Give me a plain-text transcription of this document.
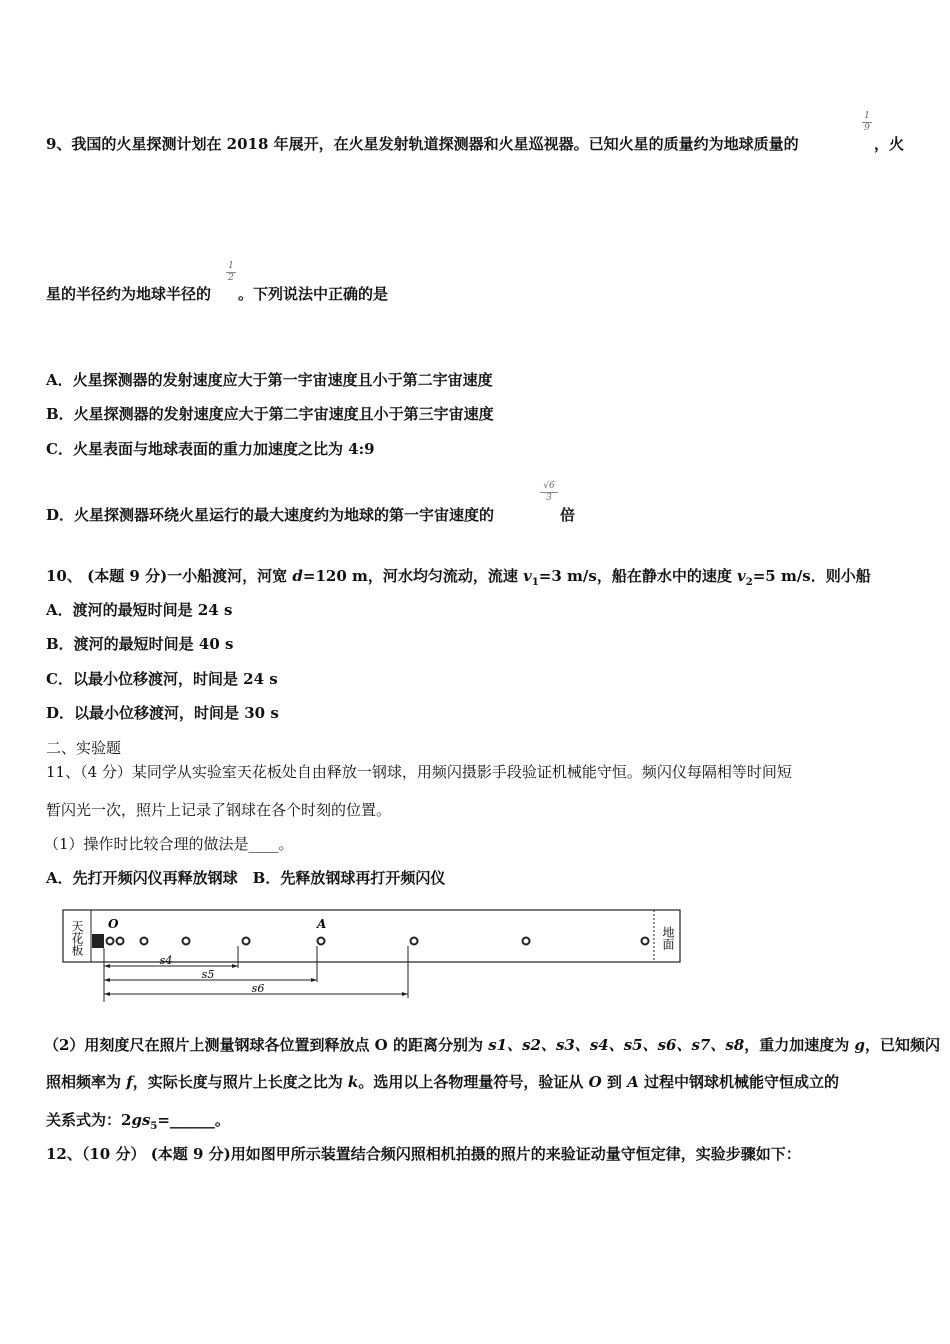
9、我国的火星探测计划在 2018 年展开，在火星发射轨道探测器和火星巡视器。已知火星的质量约为地球质量的
1
9
，火
星的半径约为地球半径的
1
2
。下列说法中正确的是
A．火星探测器的发射速度应大于第一宇宙速度且小于第二宇宙速度
B．火星探测器的发射速度应大于第二宇宙速度且小于第三宇宙速度
C．火星表面与地球表面的重力加速度之比为 4:9
D．火星探测器环绕火星运行的最大速度约为地球的第一宇宙速度的
√6
3
倍
10、 (本题 9 分)一小船渡河，河宽 d=120 m，河水均匀流动，流速 $v_1=3$ m/s，船在静水中的速度 $v_2=5$ m/s．则小船
A．渡河的最短时间是 24 s
B．渡河的最短时间是 40 s
C．以最小位移渡河，时间是 24 s
D．以最小位移渡河，时间是 30 s
二、实验题
11、（4 分）某同学从实验室天花板处自由释放一钢球，用频闪摄影手段验证机械能守恒。频闪仪每隔相等时间短
暂闪光一次，照片上记录了钢球在各个时刻的位置。
（1）操作时比较合理的做法是____。
A．先打开频闪仪再释放钢球　B．先释放钢球再打开频闪仪
天花板	地面
O	A
s4
s5
s6
（2）用刻度尺在照片上测量钢球各位置到释放点 O 的距离分别为 s1、s2、s3、s4、s5、s6、s7、s8，重力加速度为 g，已知频闪
照相频率为 f，实际长度与照片上长度之比为 k。选用以上各物理量符号，验证从 O 到 A 过程中钢球机械能守恒成立的
关系式为：$2gs_5=\_\_\_\_\_\_$。
12、（10 分） (本题 9 分)用如图甲所示装置结合频闪照相机拍摄的照片的来验证动量守恒定律，实验步骤如下：
